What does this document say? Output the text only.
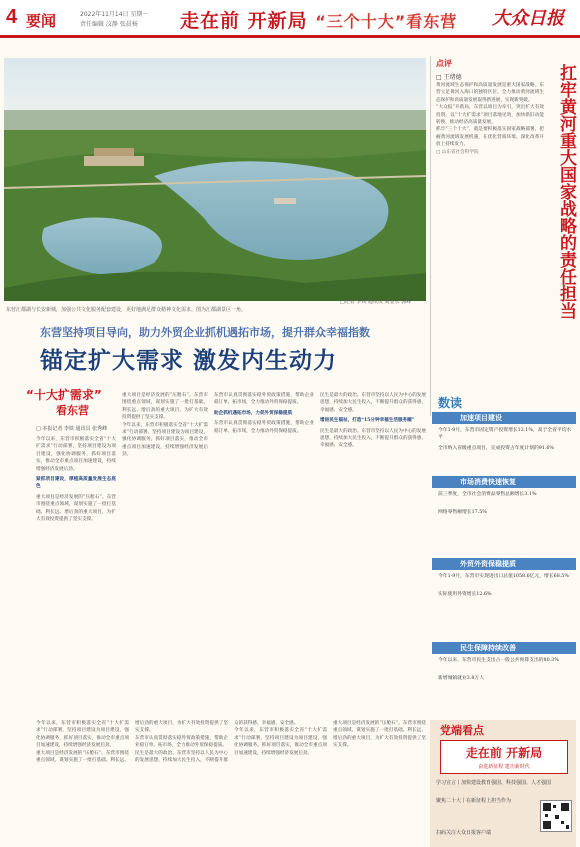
4 要闻	2022年11月14日 星期一
责任编辑 汶静 张晨杨 走在前 开新局 “三个十大”看东营 大众日报
□记者 李铁 通讯员 刘金水 郭峰
东营汇都湖与长安新城，加强公共文化服务配套建设，更好地满足群众精神文化需求。图为汇都湖景区一角。
点评
□ 王绪德	扛牢黄河重大国家战略的责任担当

黄河流域生态保护和高质量发展是重大国家战略。东营立足黄河入海口的独特区位，全力推动黄河流域生态保护和高质量发展取得新进展、实现新突破。

“大众报”开新局，东营以项目为牵引，突出扩大有效投资，以“十大扩需求”项目落地见效，加快新旧动能转换，推动经济高质量发展。

抓牢“三个十大”，就是要积极落实国家战略部署，把握黄河流域发展机遇，在优化营商环境、深化改革开放上持续发力。

□ 山东省社会科学院

东营坚持项目导向，助力外贸企业抓机遇拓市场，提升群众幸福指数
锚定扩大需求 激发内生动力
“十大扩需求”
看东营
□ 本报记者 李铁 通讯员 张秀峰

今年以来，东营市积极落实全省“十大扩需求”行动部署，坚持项目建设为项目建设，强化协调服务，抓好项目落实，推动全市重点项目加速建设，持续增强经济发展后劲。

紧抓项目建设，厚植高质量发展生态底色

重大项目是经济发展的“压舱石”。东营市围绕重点领域，谋划实施了一批打基础、利长远、增后劲的重大项目，为扩大有效投资提供了坚实支撑。

重大项目是经济发展的“压舱石”。东营市围绕重点领域，谋划实施了一批打基础、利长远、增后劲的重大项目，为扩大有效投资提供了坚实支撑。

今年以来，东营市积极落实全省“十大扩需求”行动部署，坚持项目建设为项目建设，强化协调服务，抓好项目落实，推动全市重点项目加速建设，持续增强经济发展后劲。

东营市认真贯彻落实稳外贸政策措施，帮助企业稳订单、拓市场，全力推动外贸保稳提质。

助企抓机遇拓市场，力促外贸保稳提质

东营市认真贯彻落实稳外贸政策措施，帮助企业稳订单、拓市场，全力推动外贸保稳提质。

民生是最大的政治。东营市坚持以人民为中心的发展思想，持续加大民生投入，不断提升群众的获得感、幸福感、安全感。

增进民生福祉，打造“15分钟幸福生活服务圈”

民生是最大的政治。东营市坚持以人民为中心的发展思想，持续加大民生投入，不断提升群众的获得感、幸福感、安全感。

今年以来，东营市积极落实全省“十大扩需求”行动部署，坚持项目建设为项目建设，强化协调服务，抓好项目落实，推动全市重点项目加速建设，持续增强经济发展后劲。

重大项目是经济发展的“压舱石”。东营市围绕重点领域，谋划实施了一批打基础、利长远、增后劲的重大项目，为扩大有效投资提供了坚实支撑。

东营市认真贯彻落实稳外贸政策措施，帮助企业稳订单、拓市场，全力推动外贸保稳提质。

民生是最大的政治。东营市坚持以人民为中心的发展思想，持续加大民生投入，不断提升群众的获得感、幸福感、安全感。

今年以来，东营市积极落实全省“十大扩需求”行动部署，坚持项目建设为项目建设，强化协调服务，抓好项目落实，推动全市重点项目加速建设，持续增强经济发展后劲。

重大项目是经济发展的“压舱石”。东营市围绕重点领域，谋划实施了一批打基础、利长远、增后劲的重大项目，为扩大有效投资提供了坚实支撑。

数读
加速项目建设
今年1-9月，东营市固定资产投资增长12.1%，高于全省平均水平
全市纳入省级重点项目，完成投资占年度计划的91.6%
市场消费快速恢复
前三季度，全市社会消费品零售总额增长3.1%
网络零售额增长17.5%
外贸外资保稳提质
今年1-9月，东营市实现进出口总值1058.6亿元，增长68.5%
实际使用外资增长12.6%
民生保障持续改善
今年以来，东营市民生支出占一般公共预算支出的80.3%
新增城镇就业3.8万人
党端看点
走在前 开新局
奋进新征程 建功新时代
学习宣言丨加快建设教育强国、科技强国、人才强国
聚焦二十大丨在新征程上担当作为
扫码关注大众日报客户端
